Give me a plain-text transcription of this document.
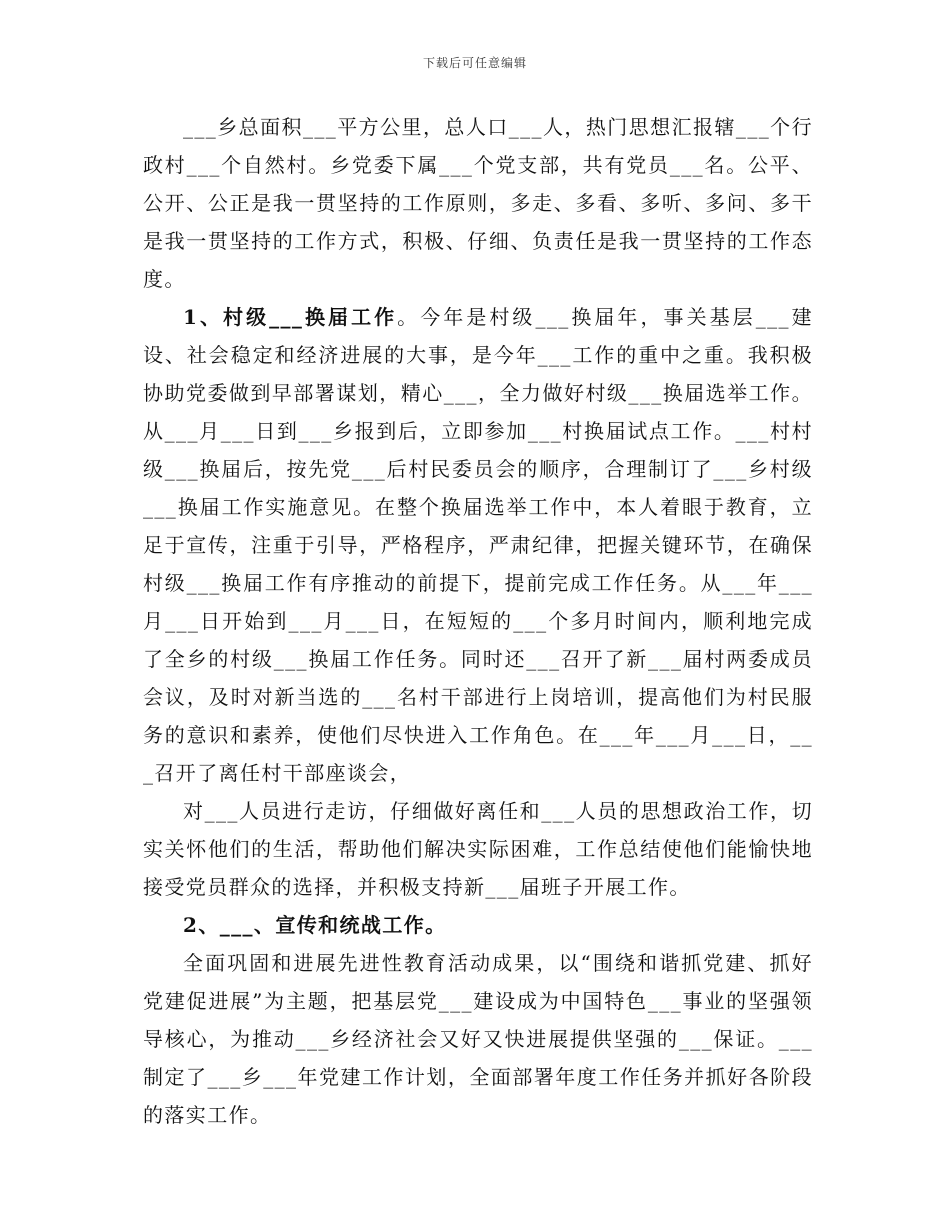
下载后可任意编辑

___乡总面积___平方公里，总人口___人，热门思想汇报辖___个行政村___个自然村。乡党委下属___个党支部，共有党员___名。公平、公开、公正是我一贯坚持的工作原则，多走、多看、多听、多问、多干是我一贯坚持的工作方式，积极、仔细、负责任是我一贯坚持的工作态度。

1、村级___换届工作。今年是村级___换届年，事关基层___建设、社会稳定和经济进展的大事，是今年___工作的重中之重。我积极协助党委做到早部署谋划，精心___，全力做好村级___换届选举工作。从___月___日到___乡报到后，立即参加___村换届试点工作。___村村级___换届后，按先党___后村民委员会的顺序，合理制订了___乡村级___换届工作实施意见。在整个换届选举工作中，本人着眼于教育，立足于宣传，注重于引导，严格程序，严肃纪律，把握关键环节，在确保村级___换届工作有序推动的前提下，提前完成工作任务。从___年___月___日开始到___月___日，在短短的___个多月时间内，顺利地完成了全乡的村级___换届工作任务。同时还___召开了新___届村两委成员会议，及时对新当选的___名村干部进行上岗培训，提高他们为村民服务的意识和素养，使他们尽快进入工作角色。在___年___月___日，___召开了离任村干部座谈会，

对___人员进行走访，仔细做好离任和___人员的思想政治工作，切实关怀他们的生活，帮助他们解决实际困难，工作总结使他们能愉快地接受党员群众的选择，并积极支持新___届班子开展工作。

2、___、宣传和统战工作。

全面巩固和进展先进性教育活动成果，以“围绕和谐抓党建、抓好党建促进展”为主题，把基层党___建设成为中国特色___事业的坚强领导核心，为推动___乡经济社会又好又快进展提供坚强的___保证。___制定了___乡___年党建工作计划，全面部署年度工作任务并抓好各阶段的落实工作。
